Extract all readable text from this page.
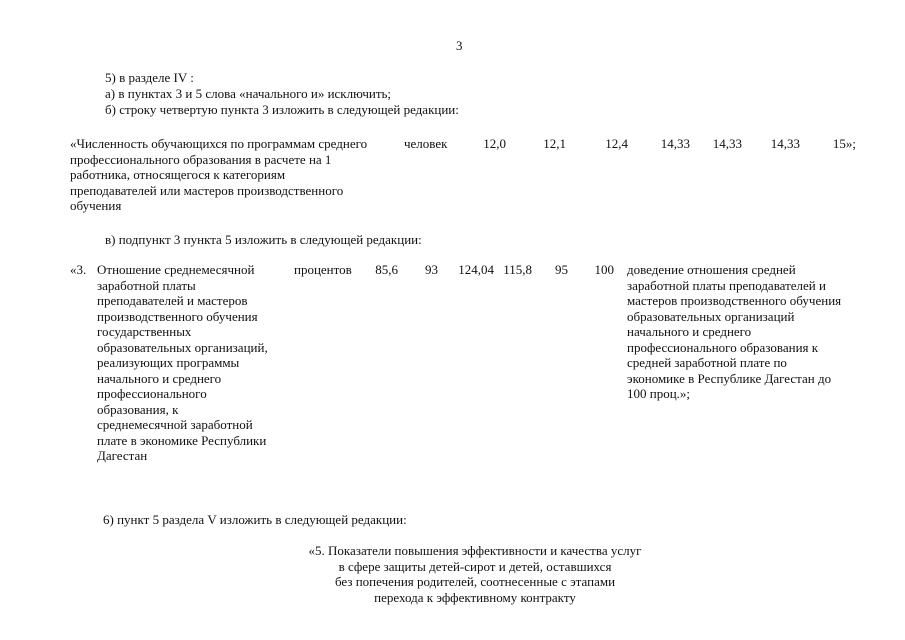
3
5) в разделе IV :
а) в пунктах 3 и 5 слова «начального и» исключить;
б) строку четвертую пункта 3 изложить в следующей редакции:
«Численность обучающихся по программам среднего
профессионального образования в расчете на 1
работника, относящегося к категориям
преподавателей или мастеров производственного
обучения
человек	12,0	12,1	12,4	14,33	14,33	14,33	15»;
в) подпункт 3 пункта 5 изложить в следующей редакции:
«3. Отношение среднемесячной
заработной платы
преподавателей и мастеров
производственного обучения
государственных
образовательных организаций,
реализующих программы
начального и среднего
профессионального
образования, к
среднемесячной заработной
плате в экономике Республики
Дагестан
процентов	85,6	93	124,04 115,8	95	100 доведение отношения средней
заработной платы преподавателей и
мастеров производственного обучения
образовательных организаций
начального и среднего
профессионального образования к
средней заработной плате по
экономике в Республике Дагестан до
100 проц.»;
6) пункт 5 раздела V изложить в следующей редакции:
«5. Показатели повышения эффективности и качества услуг
в сфере защиты детей-сирот и детей, оставшихся
без попечения родителей, соотнесенные с этапами
перехода к эффективному контракту
